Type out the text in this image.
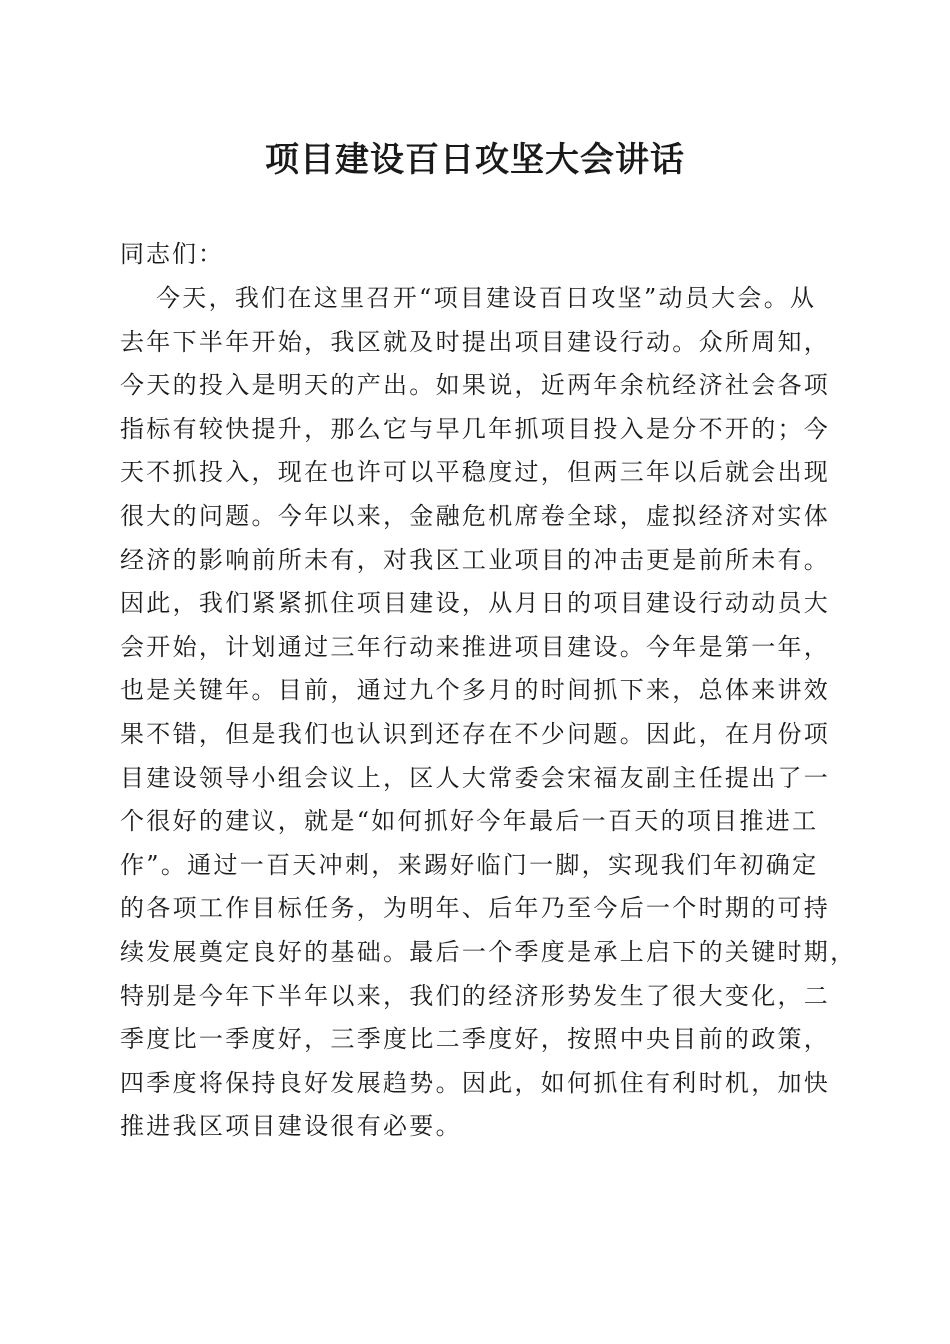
项目建设百日攻坚大会讲话
同志们：
今天，我们在这里召开“项目建设百日攻坚”动员大会。从
去年下半年开始，我区就及时提出项目建设行动。众所周知，
今天的投入是明天的产出。如果说，近两年余杭经济社会各项
指标有较快提升，那么它与早几年抓项目投入是分不开的；今
天不抓投入，现在也许可以平稳度过，但两三年以后就会出现
很大的问题。今年以来，金融危机席卷全球，虚拟经济对实体
经济的影响前所未有，对我区工业项目的冲击更是前所未有。
因此，我们紧紧抓住项目建设，从月日的项目建设行动动员大
会开始，计划通过三年行动来推进项目建设。今年是第一年，
也是关键年。目前，通过九个多月的时间抓下来，总体来讲效
果不错，但是我们也认识到还存在不少问题。因此，在月份项
目建设领导小组会议上，区人大常委会宋福友副主任提出了一
个很好的建议，就是“如何抓好今年最后一百天的项目推进工
作”。通过一百天冲刺，来踢好临门一脚，实现我们年初确定
的各项工作目标任务，为明年、后年乃至今后一个时期的可持
续发展奠定良好的基础。最后一个季度是承上启下的关键时期，
特别是今年下半年以来，我们的经济形势发生了很大变化，二
季度比一季度好，三季度比二季度好，按照中央目前的政策，
四季度将保持良好发展趋势。因此，如何抓住有利时机，加快
推进我区项目建设很有必要。
